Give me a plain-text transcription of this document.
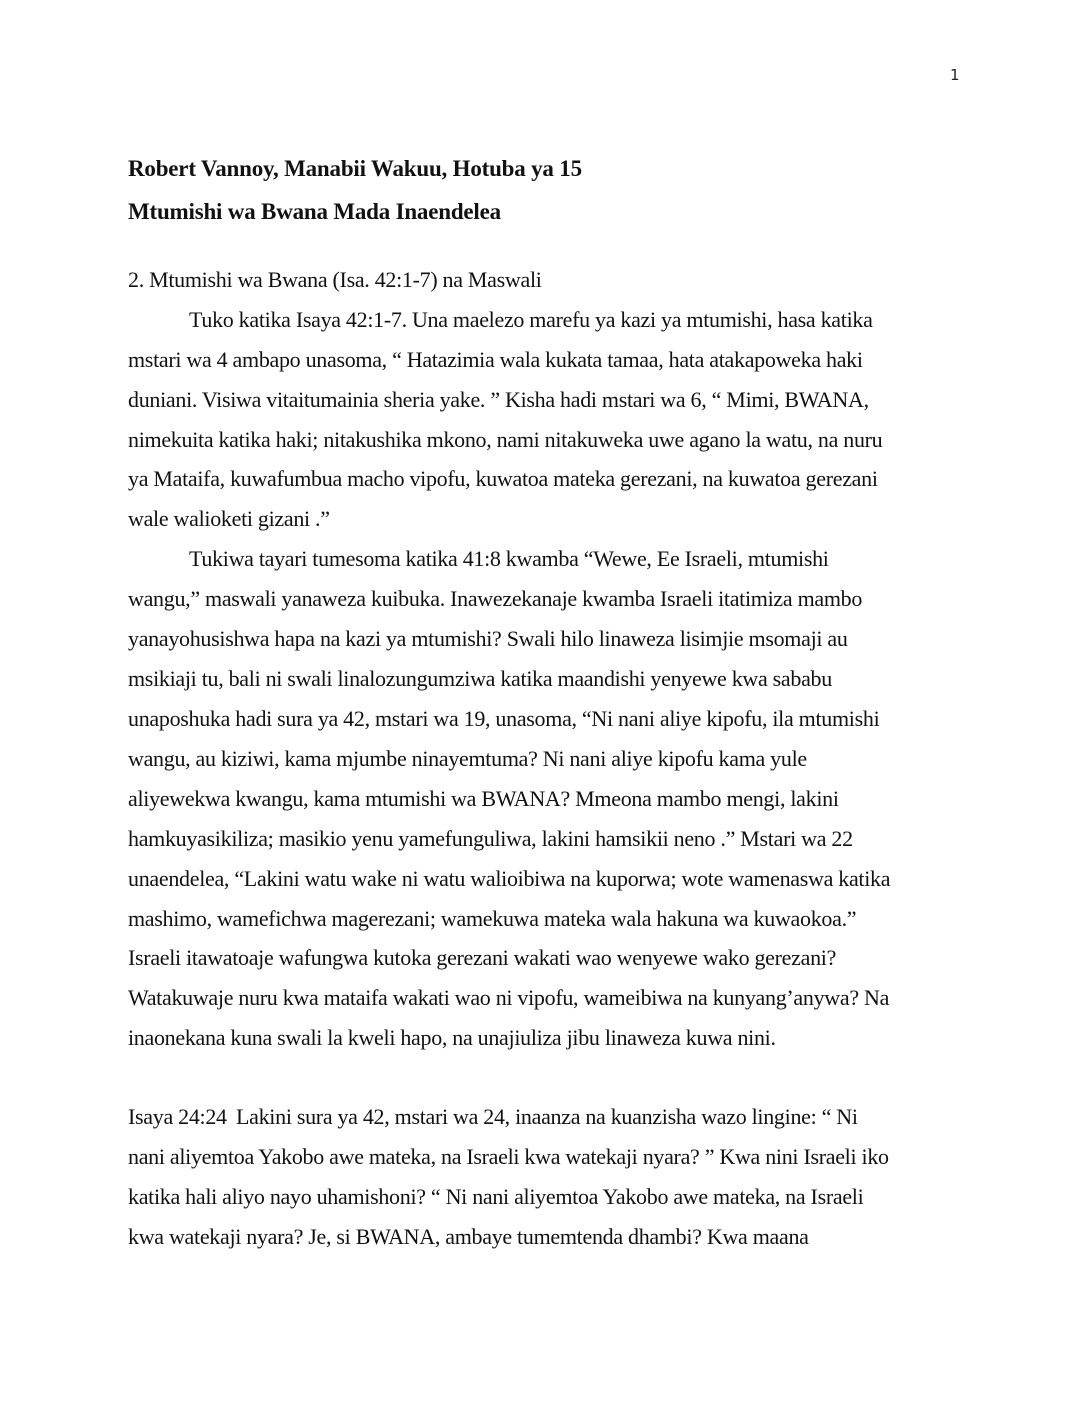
1
Robert Vannoy, Manabii Wakuu, Hotuba ya 15
Mtumishi wa Bwana Mada Inaendelea
2. Mtumishi wa Bwana (Isa. 42:1-7) na Maswali
Tuko katika Isaya 42:1-7. Una maelezo marefu ya kazi ya mtumishi, hasa katika
mstari wa 4 ambapo unasoma, “ Hatazimia wala kukata tamaa, hata atakapoweka haki
duniani. Visiwa vitaitumainia sheria yake. ” Kisha hadi mstari wa 6, “ Mimi, BWANA,
nimekuita katika haki; nitakushika mkono, nami nitakuweka uwe agano la watu, na nuru
ya Mataifa, kuwafumbua macho vipofu, kuwatoa mateka gerezani, na kuwatoa gerezani
wale walioketi gizani .”
Tukiwa tayari tumesoma katika 41:8 kwamba “Wewe, Ee Israeli, mtumishi
wangu,” maswali yanaweza kuibuka. Inawezekanaje kwamba Israeli itatimiza mambo
yanayohusishwa hapa na kazi ya mtumishi? Swali hilo linaweza lisimjie msomaji au
msikiaji tu, bali ni swali linalozungumziwa katika maandishi yenyewe kwa sababu
unaposhuka hadi sura ya 42, mstari wa 19, unasoma, “Ni nani aliye kipofu, ila mtumishi
wangu, au kiziwi, kama mjumbe ninayemtuma? Ni nani aliye kipofu kama yule
aliyewekwa kwangu, kama mtumishi wa BWANA? Mmeona mambo mengi, lakini
hamkuyasikiliza; masikio yenu yamefunguliwa, lakini hamsikii neno .” Mstari wa 22
unaendelea, “Lakini watu wake ni watu walioibiwa na kuporwa; wote wamenaswa katika
mashimo, wamefichwa magerezani; wamekuwa mateka wala hakuna wa kuwaokoa.”
Israeli itawatoaje wafungwa kutoka gerezani wakati wao wenyewe wako gerezani?
Watakuwaje nuru kwa mataifa wakati wao ni vipofu, wameibiwa na kunyang’anywa? Na
inaonekana kuna swali la kweli hapo, na unajiuliza jibu linaweza kuwa nini.
Isaya 24:24 Lakini sura ya 42, mstari wa 24, inaanza na kuanzisha wazo lingine: “ Ni
nani aliyemtoa Yakobo awe mateka, na Israeli kwa watekaji nyara? ” Kwa nini Israeli iko
katika hali aliyo nayo uhamishoni? “ Ni nani aliyemtoa Yakobo awe mateka, na Israeli
kwa watekaji nyara? Je, si BWANA, ambaye tumemtenda dhambi? Kwa maana
